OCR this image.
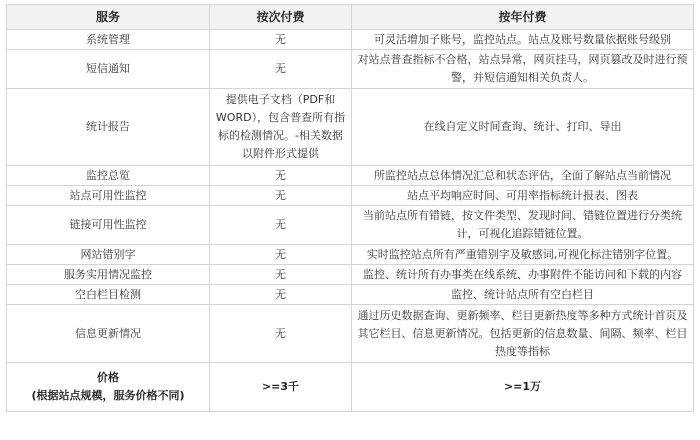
服务	按次付费	按年付费
系统管理	无	可灵活增加子账号，监控站点。站点及账号数量依据账号级别
短信通知	无	对站点普查指标不合格，站点异常，网页挂马，网页篡改及时进行预警，并短信通知相关负责人。
统计报告	提供电子文档（PDF和WORD），包含普查所有指标的检测情况。-相关数据以附件形式提供	在线自定义时间查询、统计、打印、导出
监控总览	无	所监控站点总体情况汇总和状态评估，全面了解站点当前情况
站点可用性监控	无	站点平均响应时间、可用率指标统计报表、图表
链接可用性监控	无	当前站点所有错链，按文件类型、发现时间、错链位置进行分类统计，可视化追踪错链位置。
网站错别字	无	实时监控站点所有严重错别字及敏感词,可视化标注错别字位置。
服务实用情况监控	无	监控、统计所有办事类在线系统、办事附件不能访问和下载的内容
空白栏目检测	无	监控、统计站点所有空白栏目
信息更新情况	无	通过历史数据查询、更新频率、栏目更新热度等多种方式统计首页及其它栏目、信息更新情况。包括更新的信息数量、间隔、频率、栏目热度等指标

价格
(根据站点规模，服务价格不同)	>=3千	>=1万
